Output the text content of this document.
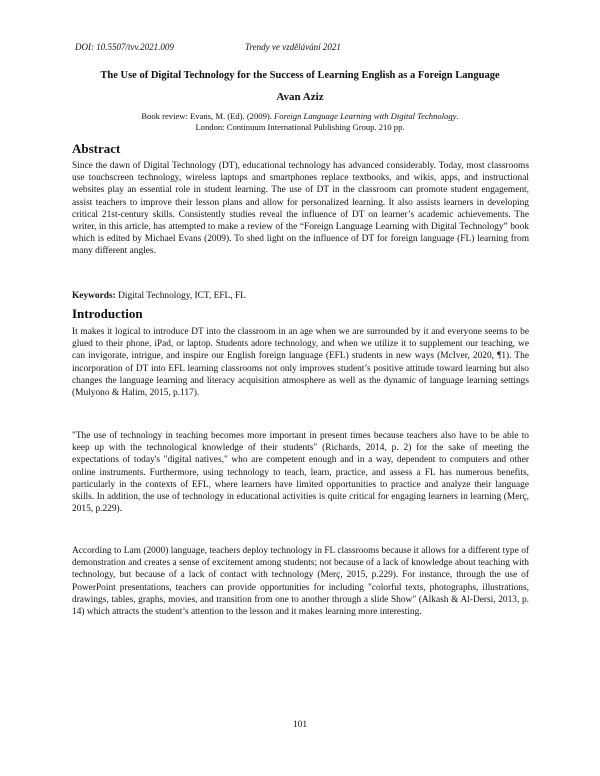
DOI: 10.5507/tvv.2021.009	Trendy ve vzdělávání 2021
The Use of Digital Technology for the Success of Learning English as a Foreign Language
Avan Aziz
Book review: Evans, M. (Ed). (2009). Foreign Language Learning with Digital Technology.
London: Continuum International Publishing Group. 210 pp.
Abstract

Since the dawn of Digital Technology (DT), educational technology has advanced considerably. Today, most classrooms use touchscreen technology, wireless laptops and smartphones replace textbooks, and wikis, apps, and instructional websites play an essential role in student learning. The use of DT in the classroom can promote student engagement, assist teachers to improve their lesson plans and allow for personalized learning. It also assists learners in developing critical 21st-century skills. Consistently studies reveal the influence of DT on learner’s academic achievements. The writer, in this article, has attempted to make a review of the “Foreign Language Learning with Digital Technology” book which is edited by Michael Evans (2009). To shed light on the influence of DT for foreign language (FL) learning from many different angles.

Keywords: Digital Technology, ICT, EFL, FL

Introduction

It makes it logical to introduce DT into the classroom in an age when we are surrounded by it and everyone seems to be glued to their phone, iPad, or laptop. Students adore technology, and when we utilize it to supplement our teaching, we can invigorate, intrigue, and inspire our English foreign language (EFL) students in new ways (McIver, 2020, ¶1). The incorporation of DT into EFL learning classrooms not only improves student’s positive attitude toward learning but also changes the language learning and literacy acquisition atmosphere as well as the dynamic of language learning settings (Mulyono & Halim, 2015, p.117).

"The use of technology in teaching becomes more important in present times because teachers also have to be able to keep up with the technological knowledge of their students" (Richards, 2014, p. 2) for the sake of meeting the expectations of today's "digital natives," who are competent enough and in a way, dependent to computers and other online instruments. Furthermore, using technology to teach, learn, practice, and assess a FL has numerous benefits, particularly in the contexts of EFL, where learners have limited opportunities to practice and analyze their language skills. In addition, the use of technology in educational activities is quite critical for engaging learners in learning (Merç, 2015, p.229).

According to Lam (2000) language, teachers deploy technology in FL classrooms because it allows for a different type of demonstration and creates a sense of excitement among students; not because of a lack of knowledge about teaching with technology, but because of a lack of contact with technology (Merç, 2015, p.229). For instance, through the use of PowerPoint presentations, teachers can provide opportunities for including "colorful texts, photographs, illustrations, drawings, tables, graphs, movies, and transition from one to another through a slide Show" (Alkash & Al-Dersi, 2013, p. 14) which attracts the student’s attention to the lesson and it makes learning more interesting.

101
